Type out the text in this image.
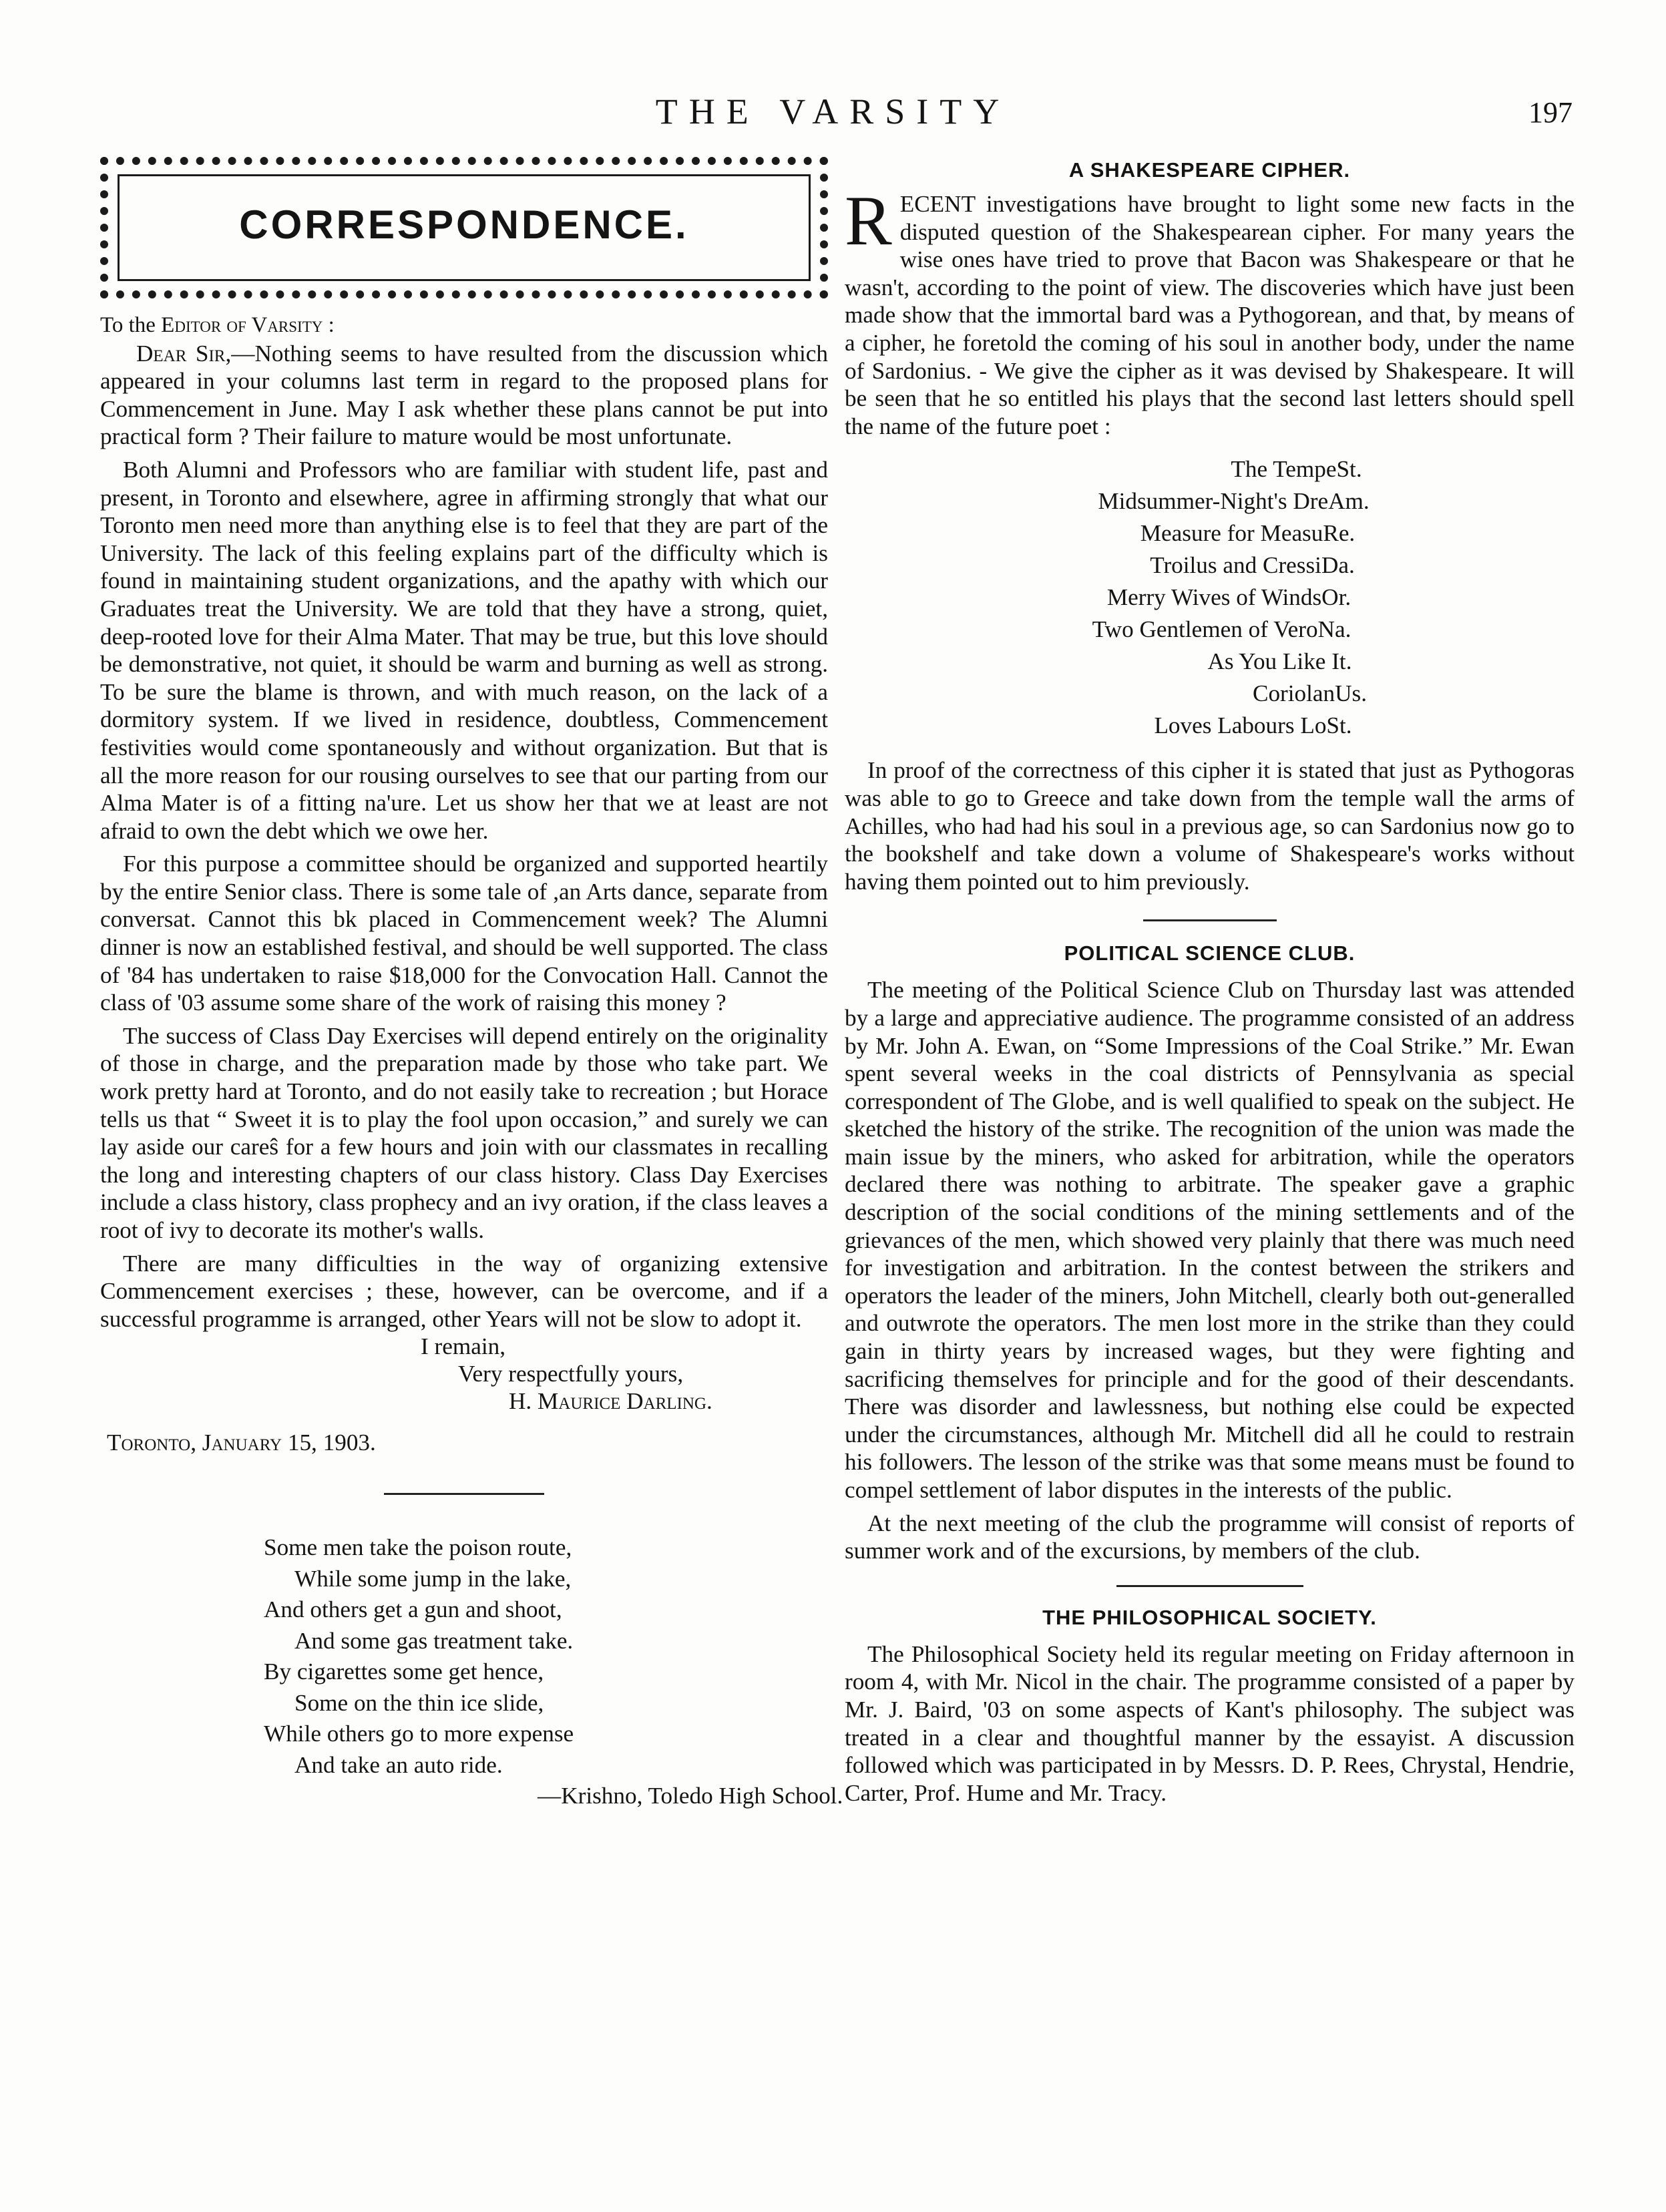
THE VARSITY	197
CORRESPONDENCE.
To the Editor of Varsity :

Dear Sir,—Nothing seems to have resulted from the discussion which appeared in your columns last term in regard to the proposed plans for Commencement in June. May I ask whether these plans cannot be put into practical form ? Their failure to mature would be most unfortunate.

Both Alumni and Professors who are familiar with student life, past and present, in Toronto and elsewhere, agree in affirming strongly that what our Toronto men need more than anything else is to feel that they are part of the University. The lack of this feeling explains part of the difficulty which is found in maintaining student organizations, and the apathy with which our Graduates treat the University. We are told that they have a strong, quiet, deep-rooted love for their Alma Mater. That may be true, but this love should be demonstrative, not quiet, it should be warm and burning as well as strong. To be sure the blame is thrown, and with much reason, on the lack of a dormitory system. If we lived in residence, doubtless, Commencement festivities would come spontaneously and without organization. But that is all the more reason for our rousing ourselves to see that our parting from our Alma Mater is of a fitting na'ure. Let us show her that we at least are not afraid to own the debt which we owe her.

For this purpose a committee should be organized and supported heartily by the entire Senior class. There is some tale of ,an Arts dance, separate from conversat. Cannot this bk placed in Commencement week? The Alumni dinner is now an established festival, and should be well supported. The class of '84 has undertaken to raise $18,000 for the Convocation Hall. Cannot the class of '03 assume some share of the work of raising this money ?

The success of Class Day Exercises will depend entirely on the originality of those in charge, and the preparation made by those who take part. We work pretty hard at Toronto, and do not easily take to recreation ; but Horace tells us that “ Sweet it is to play the fool upon occasion,” and surely we can lay aside our careŝ for a few hours and join with our classmates in recalling the long and interesting chapters of our class history. Class Day Exercises include a class history, class prophecy and an ivy oration, if the class leaves a root of ivy to decorate its mother's walls.

There are many difficulties in the way of organizing extensive Commencement exercises ; these, however, can be overcome, and if a successful programme is arranged, other Years will not be slow to adopt it.

I remain,
Very respectfully yours,
H. Maurice Darling.
Toronto, January 15, 1903.
Some men take the poison route,
While some jump in the lake,
And others get a gun and shoot,
And some gas treatment take.
By cigarettes some get hence,
Some on the thin ice slide,
While others go to more expense
And take an auto ride.
—Krishno, Toledo High School.
A SHAKESPEARE CIPHER.
R ECENT investigations have brought to light some new facts in the disputed question of the Shakespearean cipher. For many years the wise ones have tried to prove that Bacon was Shakespeare or that he wasn't, according to the point of view. The discoveries which have just been made show that the immortal bard was a Pythogorean, and that, by means of a cipher, he foretold the coming of his soul in another body, under the name of Sardonius. - We give the cipher as it was devised by Shakespeare. It will be seen that he so entitled his plays that the second last letters should spell the name of the future poet :

The TempeSt.
Midsummer-Night's DreAm.
Measure for MeasuRe.
Troilus and CressiDa.
Merry Wives of WindsOr.
Two Gentlemen of VeroNa.
As You Like It.
CoriolanUs.
Loves Labours LoSt.

In proof of the correctness of this cipher it is stated that just as Pythogoras was able to go to Greece and take down from the temple wall the arms of Achilles, who had had his soul in a previous age, so can Sardonius now go to the bookshelf and take down a volume of Shakespeare's works without having them pointed out to him previously.

POLITICAL SCIENCE CLUB.

The meeting of the Political Science Club on Thursday last was attended by a large and appreciative audience. The programme consisted of an address by Mr. John A. Ewan, on “Some Impressions of the Coal Strike.” Mr. Ewan spent several weeks in the coal districts of Pennsylvania as special correspondent of The Globe, and is well qualified to speak on the subject. He sketched the history of the strike. The recognition of the union was made the main issue by the miners, who asked for arbitration, while the operators declared there was nothing to arbitrate. The speaker gave a graphic description of the social conditions of the mining settlements and of the grievances of the men, which showed very plainly that there was much need for investigation and arbitration. In the contest between the strikers and operators the leader of the miners, John Mitchell, clearly both out-generalled and outwrote the operators. The men lost more in the strike than they could gain in thirty years by increased wages, but they were fighting and sacrificing themselves for principle and for the good of their descendants. There was disorder and lawlessness, but nothing else could be expected under the circumstances, although Mr. Mitchell did all he could to restrain his followers. The lesson of the strike was that some means must be found to compel settlement of labor disputes in the interests of the public.

At the next meeting of the club the programme will consist of reports of summer work and of the excursions, by members of the club.

THE PHILOSOPHICAL SOCIETY.

The Philosophical Society held its regular meeting on Friday afternoon in room 4, with Mr. Nicol in the chair. The programme consisted of a paper by Mr. J. Baird, '03 on some aspects of Kant's philosophy. The subject was treated in a clear and thoughtful manner by the essayist. A discussion followed which was participated in by Messrs. D. P. Rees, Chrystal, Hendrie, Carter, Prof. Hume and Mr. Tracy.
